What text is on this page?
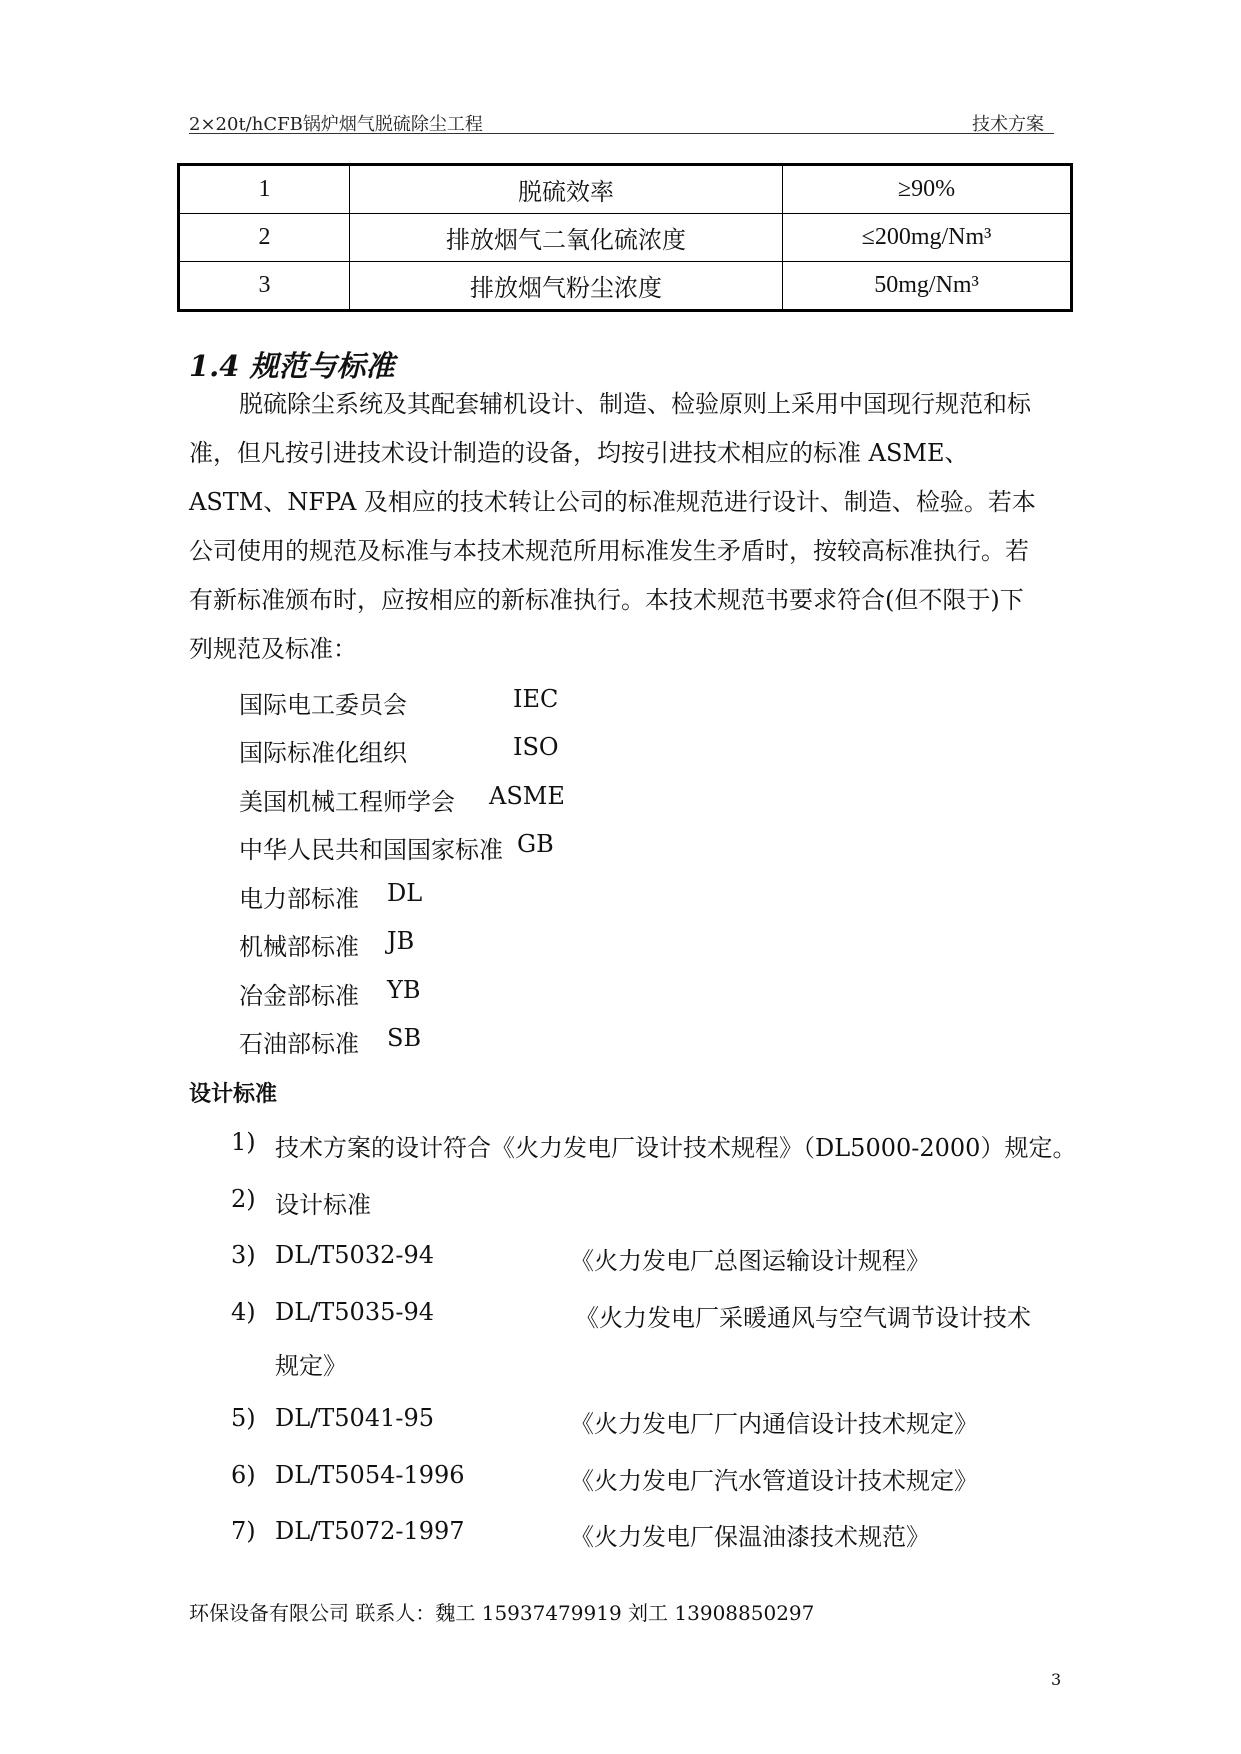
2×20t/hCFB锅炉烟气脱硫除尘工程	技术方案
1	脱硫效率	≥90%
2	排放烟气二氧化硫浓度	≤200mg/Nm³
3	排放烟气粉尘浓度	50mg/Nm³
1.4 规范与标准

脱硫除尘系统及其配套辅机设计、制造、检验原则上采用中国现行规范和标

准，但凡按引进技术设计制造的设备，均按引进技术相应的标准 ASME、

ASTM、NFPA 及相应的技术转让公司的标准规范进行设计、制造、检验。若本

公司使用的规范及标准与本技术规范所用标准发生矛盾时，按较高标准执行。若

有新标准颁布时，应按相应的新标准执行。本技术规范书要求符合(但不限于)下

列规范及标准：

国际电工委员会	IEC
国际标准化组织	ISO
美国机械工程师学会 ASME
中华人民共和国国家标准 GB
电力部标准 DL
机械部标准 JB
冶金部标准 YB
石油部标准 SB
设计标准
1) 技术方案的设计符合《火力发电厂设计技术规程》（DL5000-2000）规定。
2) 设计标准
3) DL/T5032-94	《火力发电厂总图运输设计规程》
4) DL/T5035-94	《火力发电厂采暖通风与空气调节设计技术
规定》
5) DL/T5041-95	《火力发电厂厂内通信设计技术规定》
6) DL/T5054-1996	《火力发电厂汽水管道设计技术规定》
7) DL/T5072-1997	《火力发电厂保温油漆技术规范》
环保设备有限公司 联系人：魏工 15937479919 刘工 13908850297
3
